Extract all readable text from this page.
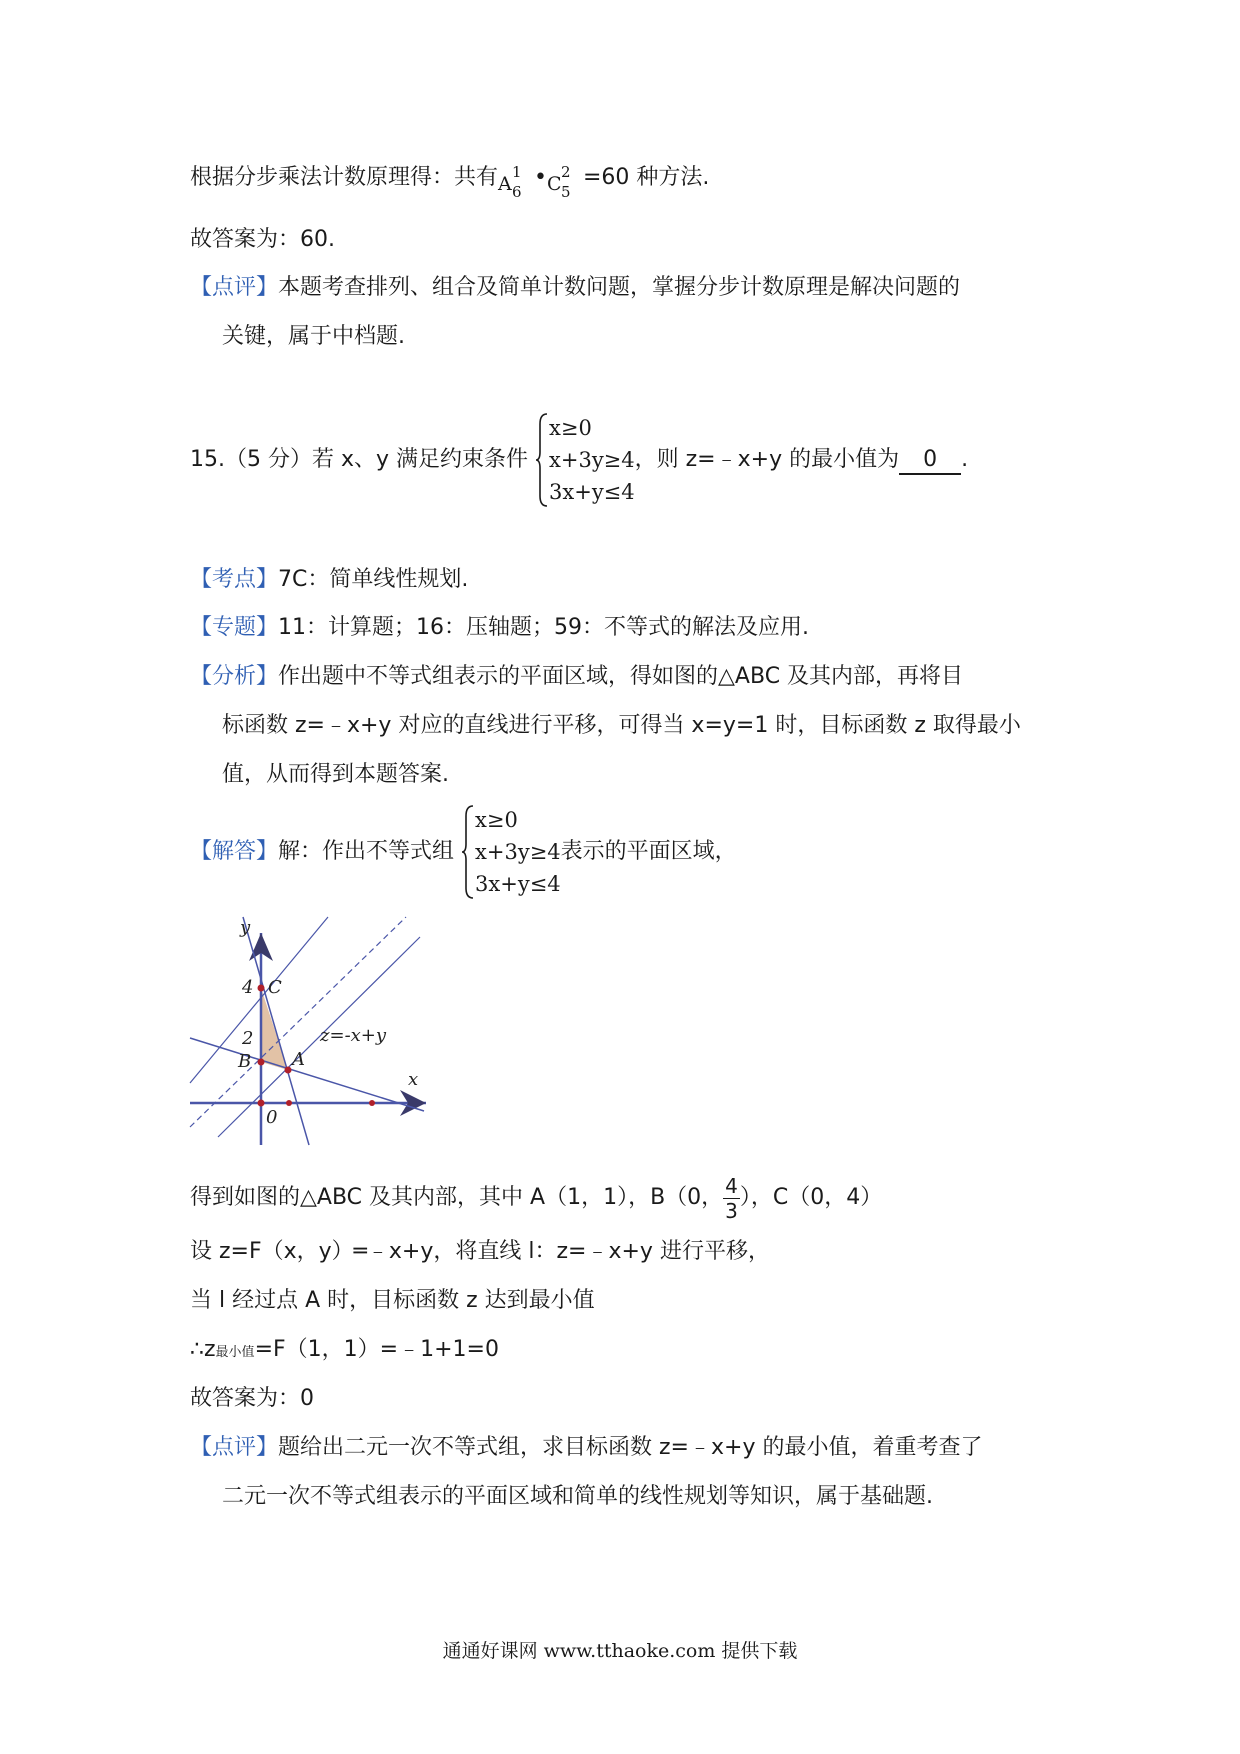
根据分步乘法计数原理得：共有 A
1
6
• C
2
5
=60 种方法.
故答案为：60.
【点评】本题考查排列、组合及简单计数问题，掌握分步计数原理是解决问题的
关键，属于中档题.
15.（5 分）若 x、y 满足约束条件
x≥0
x+3y≥4
3x+y≤4
，则 z=﹣x+y 的最小值为 0 .
【考点】7C：简单线性规划.
【专题】11：计算题；16：压轴题；59：不等式的解法及应用.
【分析】作出题中不等式组表示的平面区域，得如图的△ABC 及其内部，再将目
标函数 z=﹣x+y 对应的直线进行平移，可得当 x=y=1 时，目标函数 z 取得最小
值，从而得到本题答案.
【解答】解：作出不等式组
x≥0
x+3y≥4
3x+y≤4
表示的平面区域，
y
x
4
2
0
C
B A
z=-x+y
得到如图的△ABC 及其内部，其中 A（1，1），B（0， $\frac{4}{3}$ ），C（0，4）
设 z=F（x，y）═﹣x+y，将直线 l：z=﹣x+y 进行平移，
当 l 经过点 A 时，目标函数 z 达到最小值
∴z最小值=F（1，1）=﹣1+1=0
故答案为：0
【点评】题给出二元一次不等式组，求目标函数 z=﹣x+y 的最小值，着重考查了
二元一次不等式组表示的平面区域和简单的线性规划等知识，属于基础题.
通通好课网 www.tthaoke.com 提供下载
